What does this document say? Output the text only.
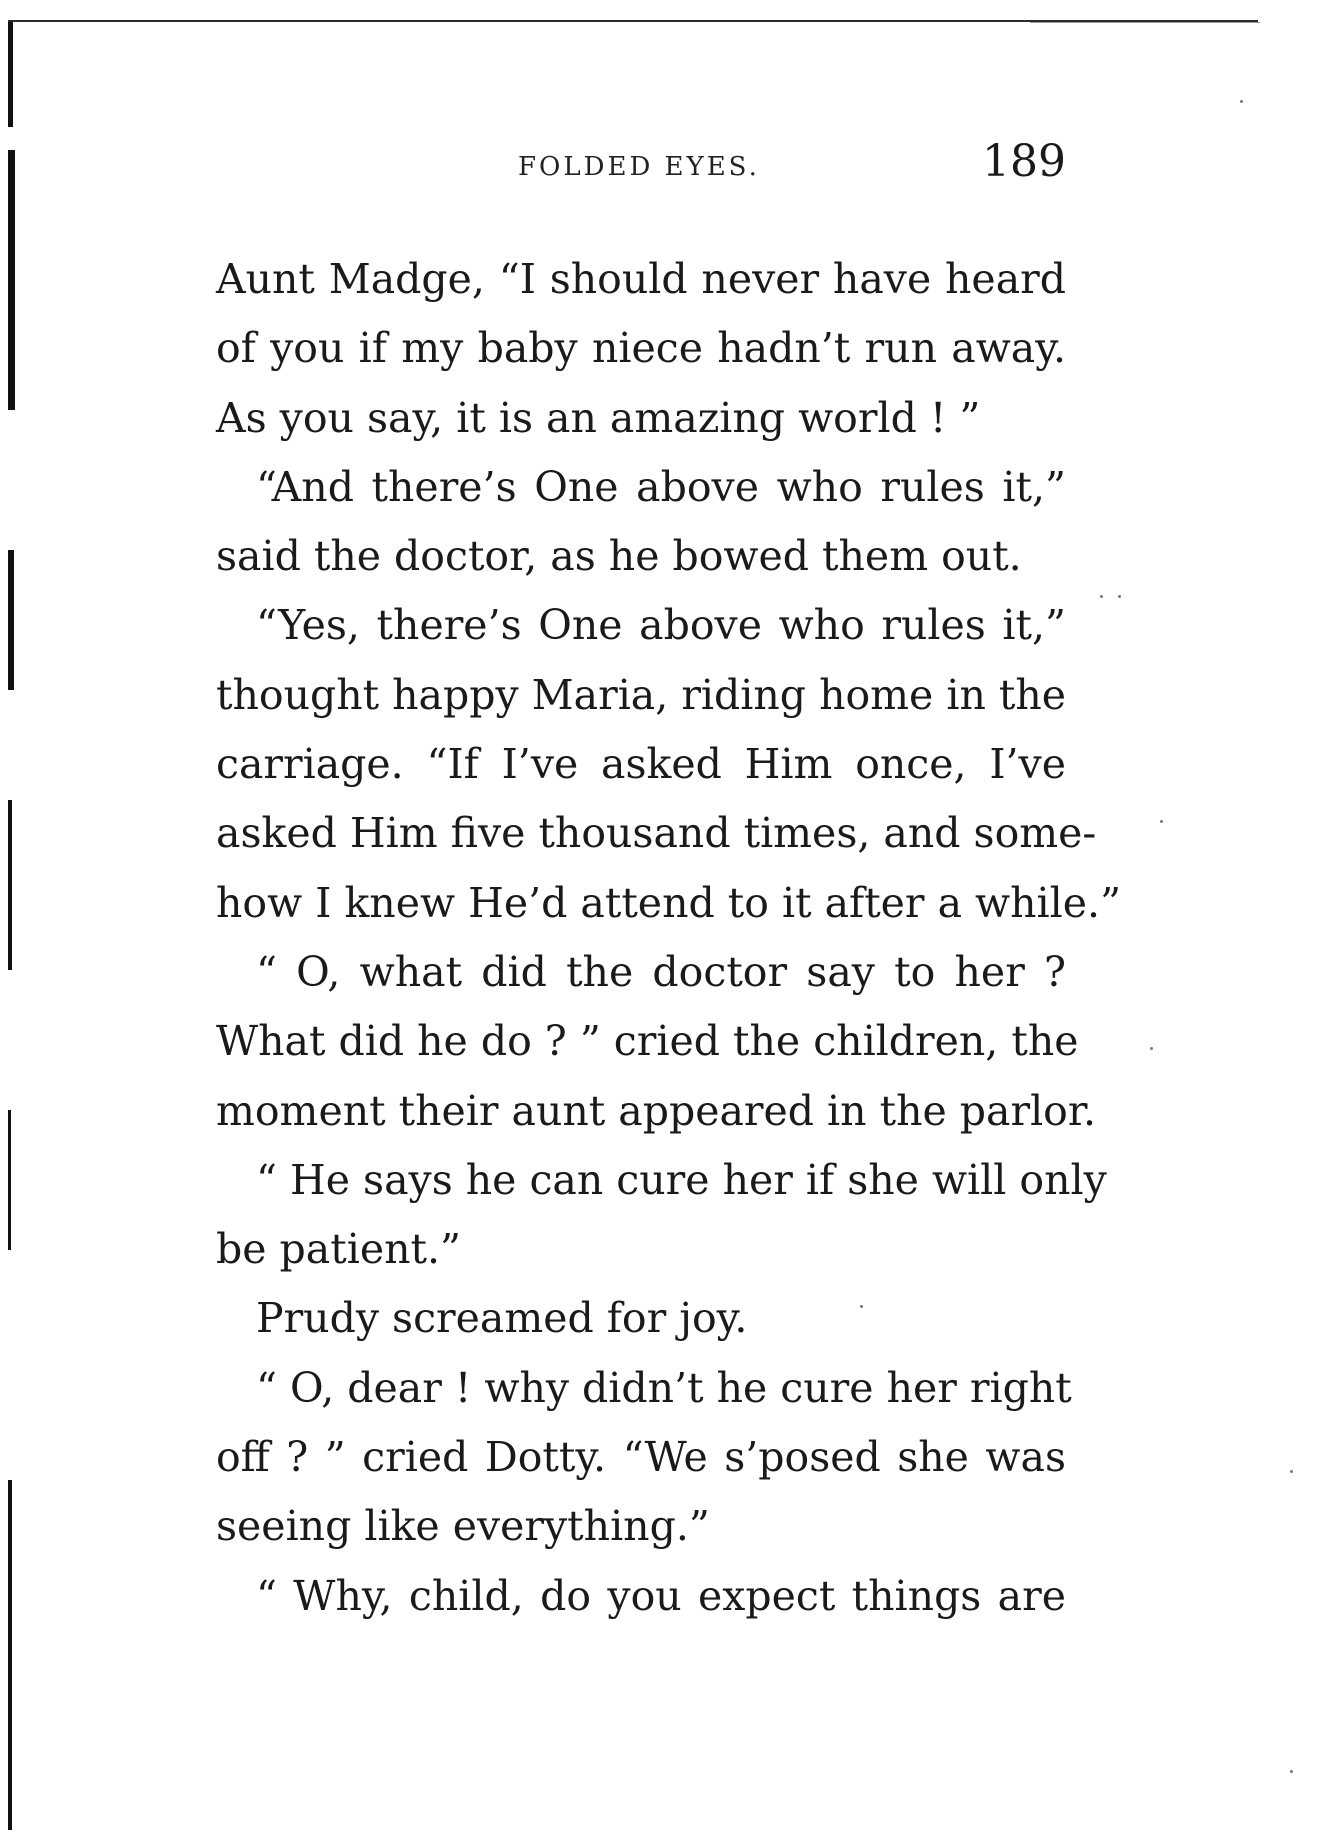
FOLDED EYES.	189
Aunt Madge, “I should never have heard
of you if my baby niece hadn’t run away.
As you say, it is an amazing world ! ”
“And there’s One above who rules it,”
said the doctor, as he bowed them out.
“Yes, there’s One above who rules it,”
thought happy Maria, riding home in the
carriage. “If I’ve asked Him once, I’ve
asked Him five thousand times, and some-
how I knew He’d attend to it after a while.”
“ O, what did the doctor say to her ?
What did he do ? ” cried the children, the
moment their aunt appeared in the parlor.
“ He says he can cure her if she will only
be patient.”
Prudy screamed for joy.
“ O, dear ! why didn’t he cure her right
off ? ” cried Dotty. “We s’posed she was
seeing like everything.”
“ Why, child, do you expect things are
